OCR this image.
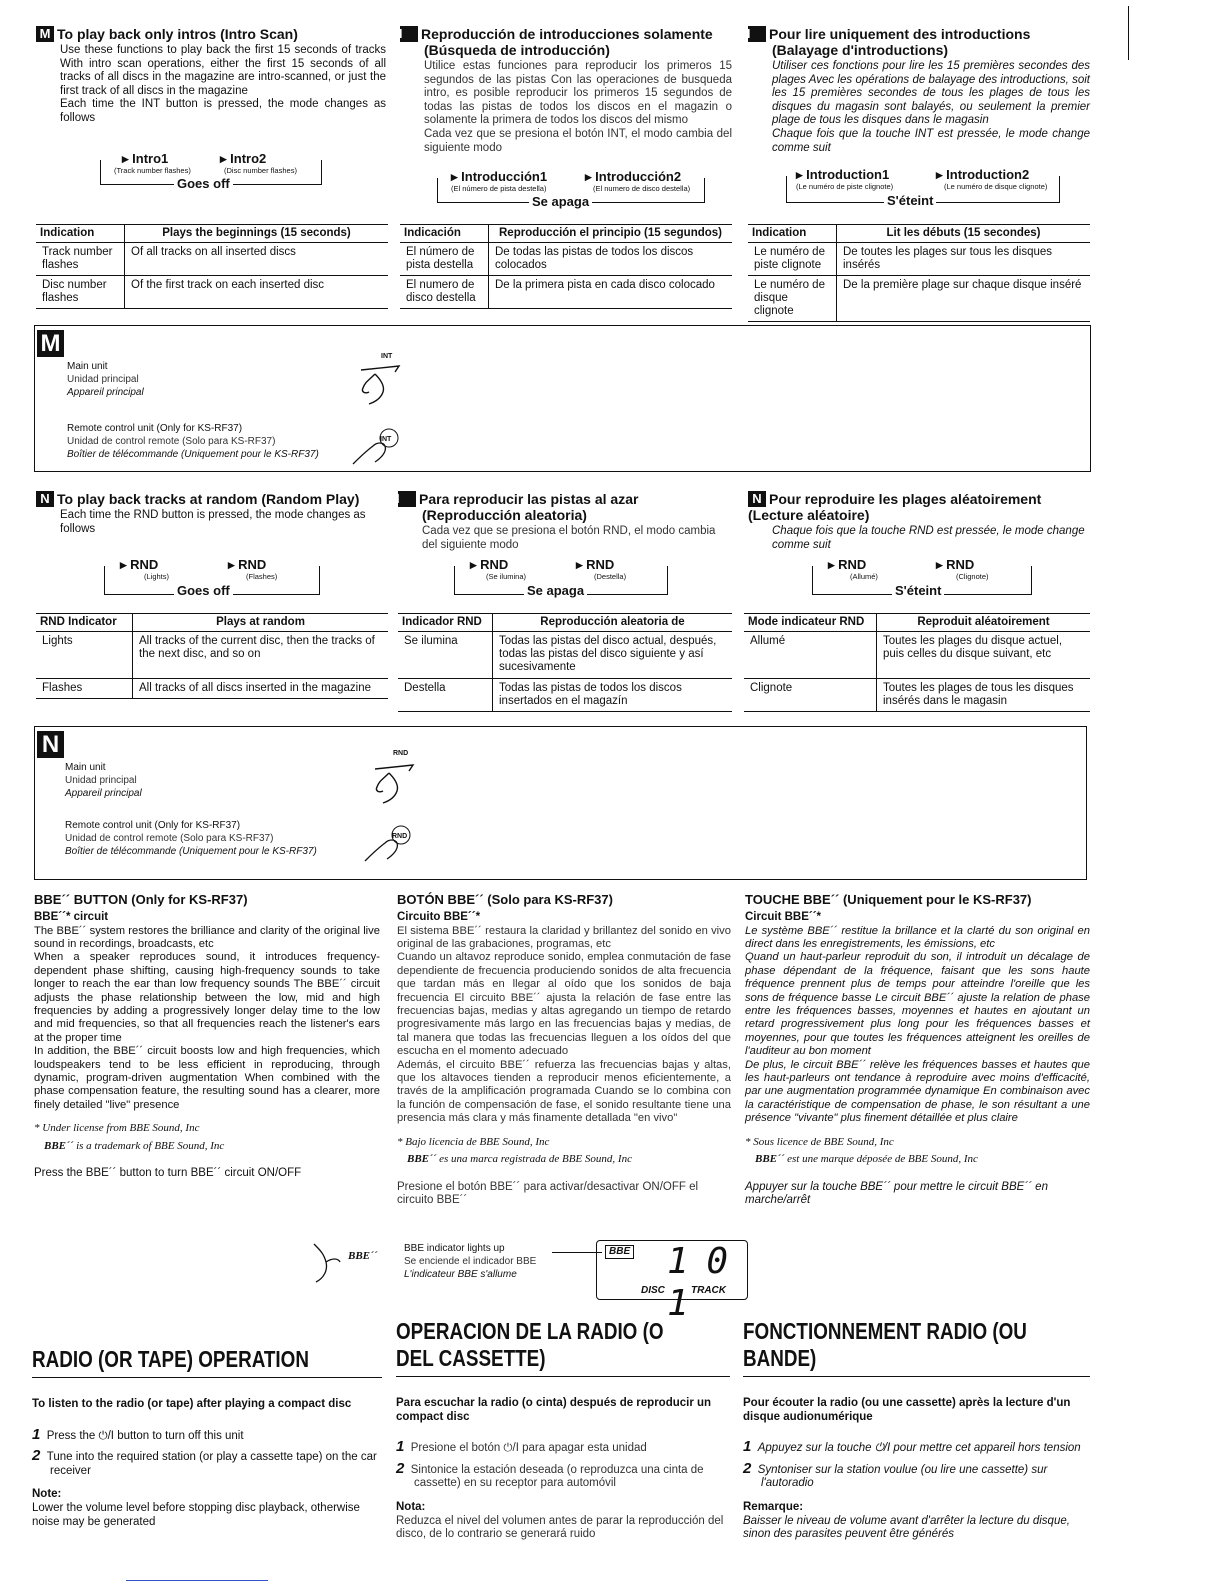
M To play back only intros (Intro Scan)
Use these functions to play back the first 15 seconds of tracks With intro scan operations, either the first 15 seconds of all tracks of all discs in the magazine are intro-scanned, or just the first track of all discs in the magazine
Each time the INT button is pressed, the mode changes as follows
M Reproducción de introducciones solamente (Búsqueda de introducción)
Utilice estas funciones para reproducir los primeros 15 segundos de las pistas Con las operaciones de busqueda intro, es posible reproducir los primeros 15 segundos de todas las pistas de todos los discos en el magazin o solamente la primera de todos los discos del mismo
Cada vez que se presiona el botón INT, el modo cambia del siguiente modo
M Pour lire uniquement des introductions (Balayage d'introductions)
Utiliser ces fonctions pour lire les 15 premières secondes des plages Avec les opérations de balayage des introductions, soit les 15 premières secondes de tous les plages de tous les disques du magasin sont balayés, ou seulement la premier plage de tous les disques dans le magasin
Chaque fois que la touche INT est pressée, le mode change comme suit
▸ Intro1	▸ Intro2
(Track number flashes)	(Disc number flashes)
Goes off	▸ Introducción1	▸ Introducción2
(El número de pista destella)	(El numero de disco destella)
Se apaga
▸ Introduction1	▸ Introduction2
(Le numéro de piste clignote)	(Le numéro de disque clignote)
S'éteint
Indication	Plays the beginnings (15 seconds)
Track number flashes	Of all tracks on all inserted discs
Disc number flashes	Of the first track on each inserted disc
Indicación	Reproducción el principio (15 segundos)
El número de pista destella	De todas las pistas de todos los discos colocados
El numero de disco destella	De la primera pista en cada disco colocado
Indication	Lit les débuts (15 secondes)
Le numéro de piste clignote	De toutes les plages sur tous les disques insérés
Le numéro de disque clignote	De la première plage sur chaque disque inséré
M
Main unit
Unidad principal
Appareil principal
INT
Remote control unit (Only for KS-RF37)
Unidad de control remote (Solo para KS-RF37)
Boîtier de télécommande (Uniquement pour le KS-RF37)
INT
N To play back tracks at random (Random Play)
Each time the RND button is pressed, the mode changes as follows
N Para reproducir las pistas al azar (Reproducción aleatoria)
Cada vez que se presiona el botón RND, el modo cambia del siguiente modo
N Pour reproduire les plages aléatoirement (Lecture aléatoire)
Chaque fois que la touche RND est pressée, le mode change comme suit
▸ RND	▸ RND
(Lights)	(Flashes)
Goes off
▸ RND	▸ RND
(Se ilumina)	(Destella)
Se apaga
▸ RND	▸ RND
(Allumé)	(Clignote)
S'éteint
RND Indicator	Plays at random
Lights	All tracks of the current disc, then the tracks of the next disc, and so on
Flashes	All tracks of all discs inserted in the magazine
Indicador RND	Reproducción aleatoria de
Se ilumina	Todas las pistas del disco actual, después, todas las pistas del disco siguiente y así sucesivamente
Destella	Todas las pistas de todos los discos insertados en el magazín
Mode indicateur RND	Reproduit aléatoirement
Allumé	Toutes les plages du disque actuel, puis celles du disque suivant, etc
Clignote	Toutes les plages de tous les disques insérés dans le magasin
N
Main unit
Unidad principal
Appareil principal
RND
Remote control unit (Only for KS-RF37)
Unidad de control remote (Solo para KS-RF37)
Boîtier de télécommande (Uniquement pour le KS-RF37)
RND
BBE´´ BUTTON (Only for KS-RF37)
BBE´´* circuit
The BBE´´ system restores the brilliance and clarity of the original live sound in recordings, broadcasts, etc
When a speaker reproduces sound, it introduces frequency-dependent phase shifting, causing high-frequency sounds to take longer to reach the ear than low frequency sounds The BBE´´ circuit adjusts the phase relationship between the low, mid and high frequencies by adding a progressively longer delay time to the low and mid frequencies, so that all frequencies reach the listener's ears at the proper time
In addition, the BBE´´ circuit boosts low and high frequencies, which loudspeakers tend to be less efficient in reproducing, through dynamic, program-driven augmentation When combined with the phase compensation feature, the resulting sound has a clearer, more finely detailed "live" presence
* Under license from BBE Sound, Inc
BBE´´ is a trademark of BBE Sound, Inc
Press the BBE´´ button to turn BBE´´ circuit ON/OFF
BOTÓN BBE´´ (Solo para KS-RF37)
Circuito BBE´´*
El sistema BBE´´ restaura la claridad y brillantez del sonido en vivo original de las grabaciones, programas, etc
Cuando un altavoz reproduce sonido, emplea conmutación de fase dependiente de frecuencia produciendo sonidos de alta frecuencia que tardan más en llegar al oído que los sonidos de baja frecuencia El circuito BBE´´ ajusta la relación de fase entre las frecuencias bajas, medias y altas agregando un tiempo de retardo progresivamente más largo en las frecuencias bajas y medias, de tal manera que todas las frecuencias lleguen a los oídos del que escucha en el momento adecuado
Además, el circuito BBE´´ refuerza las frecuencias bajas y altas, que los altavoces tienden a reproducir menos eficientemente, a través de la amplificación programada Cuando se lo combina con la función de compensación de fase, el sonido resultante tiene una presencia más clara y más finamente detallada "en vivo"
* Bajo licencia de BBE Sound, Inc
BBE´´ es una marca registrada de BBE Sound, Inc
Presione el botón BBE´´ para activar/desactivar ON/OFF el circuito BBE´´
TOUCHE BBE´´ (Uniquement pour le KS-RF37)
Circuit BBE´´*
Le système BBE´´ restitue la brillance et la clarté du son original en direct dans les enregistrements, les émissions, etc
Quand un haut-parleur reproduit du son, il introduit un décalage de phase dépendant de la fréquence, faisant que les sons haute fréquence prennent plus de temps pour atteindre l'oreille que les sons de fréquence basse Le circuit BBE´´ ajuste la relation de phase entre les fréquences basses, moyennes et hautes en ajoutant un retard progressivement plus long pour les fréquences basses et moyennes, pour que toutes les fréquences atteignent les oreilles de l'auditeur au bon moment
De plus, le circuit BBE´´ relève les fréquences basses et hautes que les haut-parleurs ont tendance à reproduire avec moins d'efficacité, par une augmentation programmée dynamique En combinaison avec la caractéristique de compensation de phase, le son résultant a une présence "vivante" plus finement détaillée et plus claire
* Sous licence de BBE Sound, Inc
BBE´´ est une marque déposée de BBE Sound, Inc
Appuyer sur la touche BBE´´ pour mettre le circuit BBE´´ en marche/arrêt
BBE´´
BBE indicator lights up
Se enciende el indicador BBE
L'indicateur BBE s'allume
BBE 1 0 1
DISC	TRACK
RADIO (OR TAPE) OPERATION
To listen to the radio (or tape) after playing a compact disc
1 Press the ⏻/I button to turn off this unit
2 Tune into the required station (or play a cassette tape) on the car receiver
Note:
Lower the volume level before stopping disc playback, otherwise noise may be generated
OPERACION DE LA RADIO (O DEL CASSETTE)
Para escuchar la radio (o cinta) después de reproducir un compact disc
1 Presione el botón ⏻/I para apagar esta unidad
2 Sintonice la estación deseada (o reproduzca una cinta de cassette) en su receptor para automóvil
Nota:
Reduzca el nivel del volumen antes de parar la reproducción del disco, de lo contrario se generará ruido
FONCTIONNEMENT RADIO (OU BANDE)
Pour écouter la radio (ou une cassette) après la lecture d'un disque audionumérique
1 Appuyez sur la touche ⏻/I pour mettre cet appareil hors tension
2 Syntoniser sur la station voulue (ou lire une cassette) sur l'autoradio
Remarque:
Baisser le niveau de volume avant d'arrêter la lecture du disque, sinon des parasites peuvent être générés
